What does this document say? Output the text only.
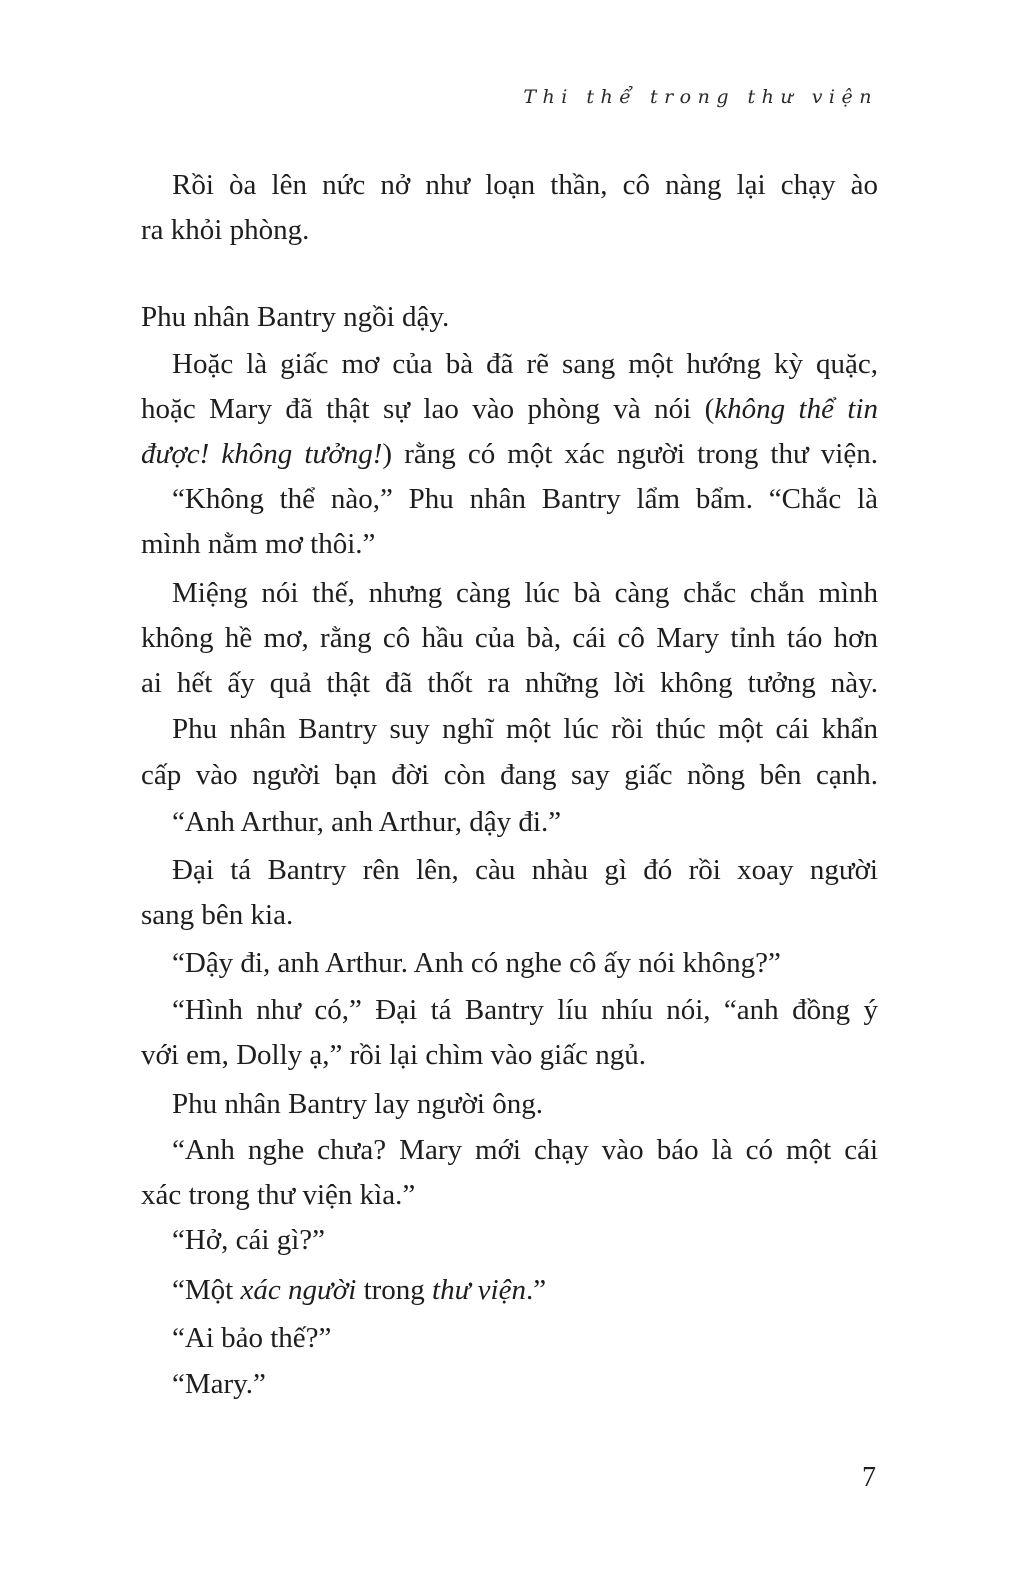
Thi thể trong thư viện
Rồi òa lên nức nở như loạn thần, cô nàng lại chạy ào
ra khỏi phòng.
Phu nhân Bantry ngồi dậy.
Hoặc là giấc mơ của bà đã rẽ sang một hướng kỳ quặc,
hoặc Mary đã thật sự lao vào phòng và nói (không thể tin
được! không tưởng!) rằng có một xác người trong thư viện.
“Không thể nào,” Phu nhân Bantry lẩm bẩm. “Chắc là
mình nằm mơ thôi.”
Miệng nói thế, nhưng càng lúc bà càng chắc chắn mình
không hề mơ, rằng cô hầu của bà, cái cô Mary tỉnh táo hơn
ai hết ấy quả thật đã thốt ra những lời không tưởng này.
Phu nhân Bantry suy nghĩ một lúc rồi thúc một cái khẩn
cấp vào người bạn đời còn đang say giấc nồng bên cạnh.
“Anh Arthur, anh Arthur, dậy đi.”
Đại tá Bantry rên lên, càu nhàu gì đó rồi xoay người
sang bên kia.
“Dậy đi, anh Arthur. Anh có nghe cô ấy nói không?”
“Hình như có,” Đại tá Bantry líu nhíu nói, “anh đồng ý
với em, Dolly ạ,” rồi lại chìm vào giấc ngủ.
Phu nhân Bantry lay người ông.
“Anh nghe chưa? Mary mới chạy vào báo là có một cái
xác trong thư viện kìa.”
“Hở, cái gì?”
“Một xác người trong thư viện.”
“Ai bảo thế?”
“Mary.”
7
